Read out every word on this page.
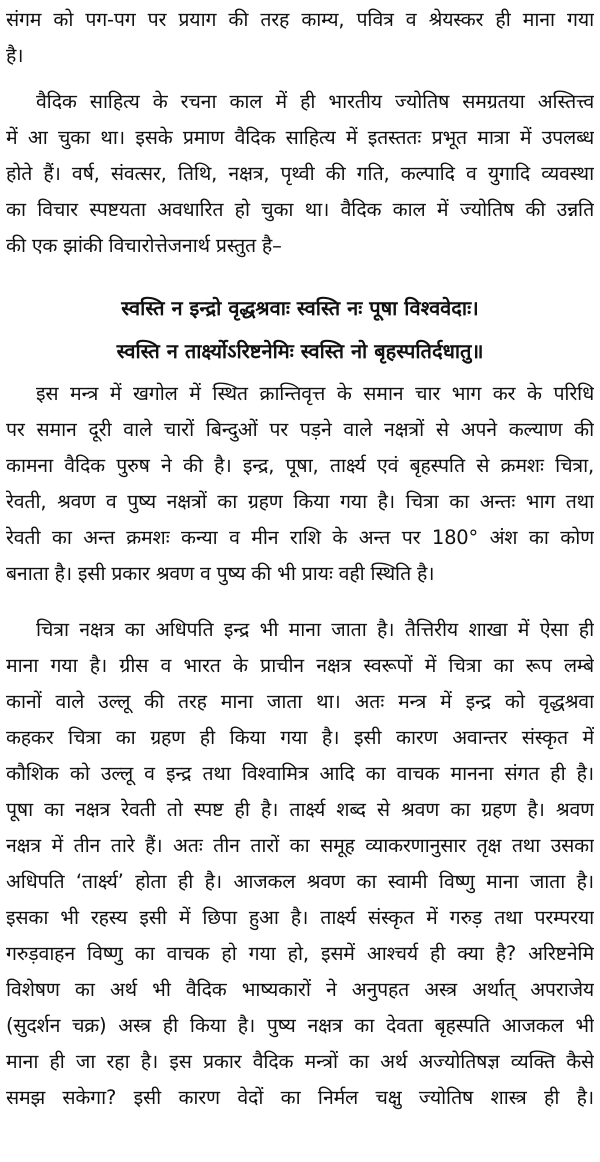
संगम को पग-पग पर प्रयाग की तरह काम्य, पवित्र व श्रेयस्कर ही माना गया
है।
वैदिक साहित्य के रचना काल में ही भारतीय ज्योतिष समग्रतया अस्तित्त्व
में आ चुका था। इसके प्रमाण वैदिक साहित्य में इतस्ततः प्रभूत मात्रा में उपलब्ध
होते हैं। वर्ष, संवत्सर, तिथि, नक्षत्र, पृथ्वी की गति, कल्पादि व युगादि व्यवस्था
का विचार स्पष्टयता अवधारित हो चुका था। वैदिक काल में ज्योतिष की उन्नति
की एक झांकी विचारोत्तेजनार्थ प्रस्तुत है–
स्वस्ति न इन्द्रो वृद्धश्रवाः स्वस्ति नः पूषा विश्ववेदाः।
स्वस्ति न तार्क्ष्योऽरिष्टनेमिः स्वस्ति नो बृहस्पतिर्दधातु॥
इस मन्त्र में खगोल में स्थित क्रान्तिवृत्त के समान चार भाग कर के परिधि
पर समान दूरी वाले चारों बिन्दुओं पर पड़ने वाले नक्षत्रों से अपने कल्याण की
कामना वैदिक पुरुष ने की है। इन्द्र, पूषा, तार्क्ष्य एवं बृहस्पति से क्रमशः चित्रा,
रेवती, श्रवण व पुष्य नक्षत्रों का ग्रहण किया गया है। चित्रा का अन्तः भाग तथा
रेवती का अन्त क्रमशः कन्या व मीन राशि के अन्त पर 180° अंश का कोण
बनाता है। इसी प्रकार श्रवण व पुष्य की भी प्रायः वही स्थिति है।
चित्रा नक्षत्र का अधिपति इन्द्र भी माना जाता है। तैत्तिरीय शाखा में ऐसा ही
माना गया है। ग्रीस व भारत के प्राचीन नक्षत्र स्वरूपों में चित्रा का रूप लम्बे
कानों वाले उल्लू की तरह माना जाता था। अतः मन्त्र में इन्द्र को वृद्धश्रवा
कहकर चित्रा का ग्रहण ही किया गया है। इसी कारण अवान्तर संस्कृत में
कौशिक को उल्लू व इन्द्र तथा विश्वामित्र आदि का वाचक मानना संगत ही है।
पूषा का नक्षत्र रेवती तो स्पष्ट ही है। तार्क्ष्य शब्द से श्रवण का ग्रहण है। श्रवण
नक्षत्र में तीन तारे हैं। अतः तीन तारों का समूह व्याकरणानुसार तृक्ष तथा उसका
अधिपति ‘तार्क्ष्य’ होता ही है। आजकल श्रवण का स्वामी विष्णु माना जाता है।
इसका भी रहस्य इसी में छिपा हुआ है। तार्क्ष्य संस्कृत में गरुड़ तथा परम्परया
गरुड़वाहन विष्णु का वाचक हो गया हो, इसमें आश्चर्य ही क्या है? अरिष्टनेमि
विशेषण का अर्थ भी वैदिक भाष्यकारों ने अनुपहत अस्त्र अर्थात् अपराजेय
(सुदर्शन चक्र) अस्त्र ही किया है। पुष्य नक्षत्र का देवता बृहस्पति आजकल भी
माना ही जा रहा है। इस प्रकार वैदिक मन्त्रों का अर्थ अज्योतिषज्ञ व्यक्ति कैसे
समझ सकेगा? इसी कारण वेदों का निर्मल चक्षु ज्योतिष शास्त्र ही है।
